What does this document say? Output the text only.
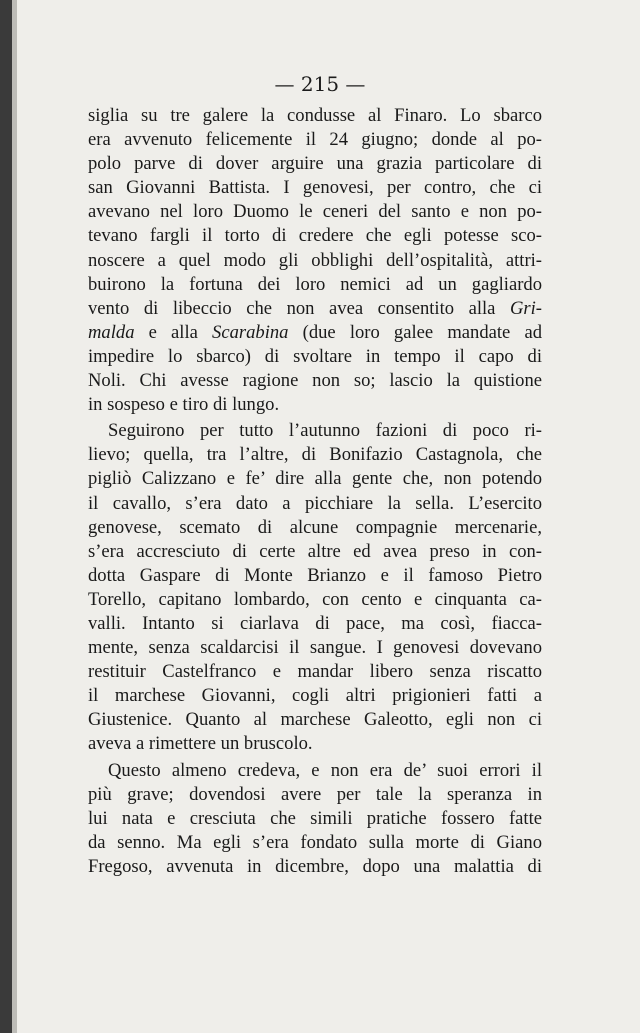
— 215 —
siglia su tre galere la condusse al Finaro. Lo sbarco
era avvenuto felicemente il 24 giugno; donde al po-
polo parve di dover arguire una grazia particolare di
san Giovanni Battista. I genovesi, per contro, che ci
avevano nel loro Duomo le ceneri del santo e non po-
tevano fargli il torto di credere che egli potesse sco-
noscere a quel modo gli obblighi dell’ospitalità, attri-
buirono la fortuna dei loro nemici ad un gagliardo
vento di libeccio che non avea consentito alla Gri-
malda e alla Scarabina (due loro galee mandate ad
impedire lo sbarco) di svoltare in tempo il capo di
Noli. Chi avesse ragione non so; lascio la quistione
in sospeso e tiro di lungo.
Seguirono per tutto l’autunno fazioni di poco ri-
lievo; quella, tra l’altre, di Bonifazio Castagnola, che
pigliò Calizzano e fe’ dire alla gente che, non potendo
il cavallo, s’era dato a picchiare la sella. L’esercito
genovese, scemato di alcune compagnie mercenarie,
s’era accresciuto di certe altre ed avea preso in con-
dotta Gaspare di Monte Brianzo e il famoso Pietro
Torello, capitano lombardo, con cento e cinquanta ca-
valli. Intanto si ciarlava di pace, ma così, fiacca-
mente, senza scaldarcisi il sangue. I genovesi dovevano
restituir Castelfranco e mandar libero senza riscatto
il marchese Giovanni, cogli altri prigionieri fatti a
Giustenice. Quanto al marchese Galeotto, egli non ci
aveva a rimettere un bruscolo.
Questo almeno credeva, e non era de’ suoi errori il
più grave; dovendosi avere per tale la speranza in
lui nata e cresciuta che simili pratiche fossero fatte
da senno. Ma egli s’era fondato sulla morte di Giano
Fregoso, avvenuta in dicembre, dopo una malattia di
